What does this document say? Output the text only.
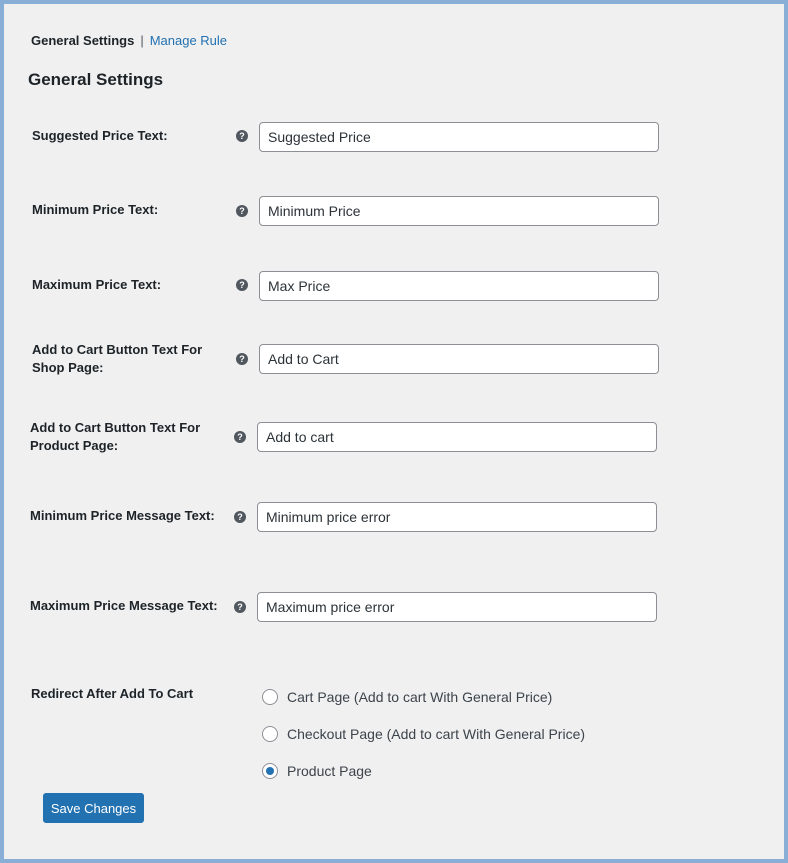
General Settings | Manage Rule
General Settings
Suggested Price Text:	?
Suggested Price
Minimum Price Text:	?
Minimum Price
Maximum Price Text:	?
Max Price
Add to Cart Button Text For Shop Page:
?
Add to Cart
Add to Cart Button Text For Product Page:
?
Add to cart
Minimum Price Message Text:	?
Minimum price error
Maximum Price Message Text:	?
Maximum price error
Redirect After Add To Cart	Cart Page (Add to cart With General Price)
Checkout Page (Add to cart With General Price)
Product Page
Save Changes
